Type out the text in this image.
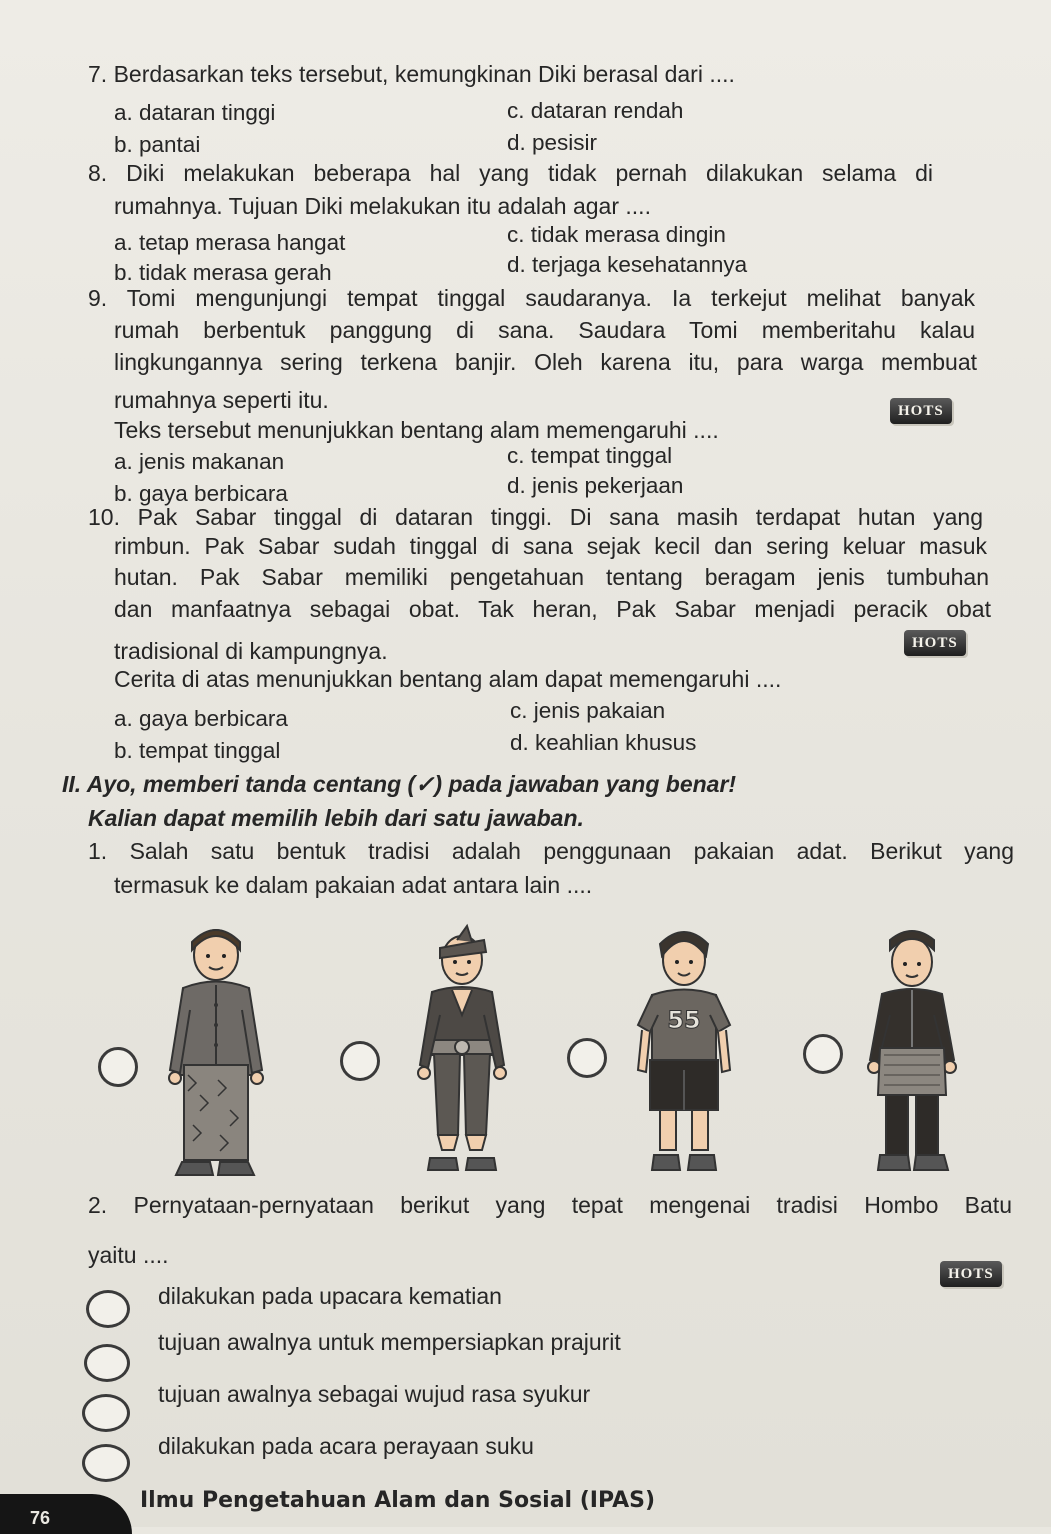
7. Berdasarkan teks tersebut, kemungkinan Diki berasal dari ....
a. dataran tinggi	c. dataran rendah
b. pantai	d. pesisir
8. Diki melakukan beberapa hal yang tidak pernah dilakukan selama di
rumahnya. Tujuan Diki melakukan itu adalah agar ....
a. tetap merasa hangat	c. tidak merasa dingin
b. tidak merasa gerah	d. terjaga kesehatannya
9. Tomi mengunjungi tempat tinggal saudaranya. Ia terkejut melihat banyak
rumah berbentuk panggung di sana. Saudara Tomi memberitahu kalau
lingkungannya sering terkena banjir. Oleh karena itu, para warga membuat
rumahnya seperti itu.
Teks tersebut menunjukkan bentang alam memengaruhi ....
HOTS
a. jenis makanan	c. tempat tinggal
b. gaya berbicara	d. jenis pekerjaan
10. Pak Sabar tinggal di dataran tinggi. Di sana masih terdapat hutan yang
rimbun. Pak Sabar sudah tinggal di sana sejak kecil dan sering keluar masuk
hutan. Pak Sabar memiliki pengetahuan tentang beragam jenis tumbuhan
dan manfaatnya sebagai obat. Tak heran, Pak Sabar menjadi peracik obat
tradisional di kampungnya.	HOTS
Cerita di atas menunjukkan bentang alam dapat memengaruhi ....
a. gaya berbicara	c. jenis pakaian
b. tempat tinggal	d. keahlian khusus
II. Ayo, memberi tanda centang (✓) pada jawaban yang benar!
Kalian dapat memilih lebih dari satu jawaban.
1. Salah satu bentuk tradisi adalah penggunaan pakaian adat. Berikut yang
termasuk ke dalam pakaian adat antara lain ....
55
2. Pernyataan-pernyataan berikut yang tepat mengenai tradisi Hombo Batu
yaitu ....
HOTS
dilakukan pada upacara kematian
tujuan awalnya untuk mempersiapkan prajurit
tujuan awalnya sebagai wujud rasa syukur
dilakukan pada acara perayaan suku
76
Ilmu Pengetahuan Alam dan Sosial (IPAS)
